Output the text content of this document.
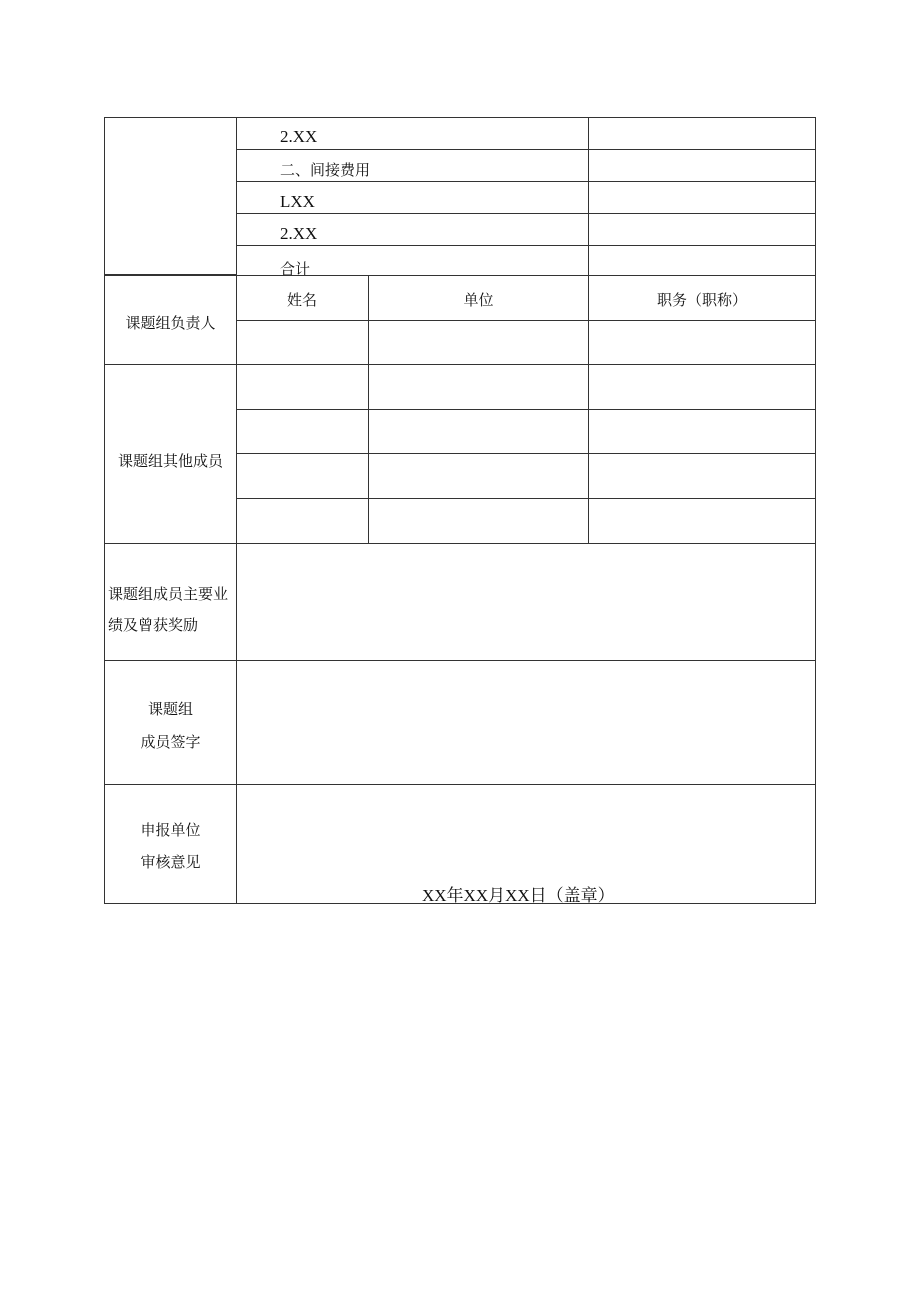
2.XX
二、间接费用
LXX
2.XX
合计
课题组负责人
姓名	单位	职务（职称）
课题组其他成员
课题组成员主要业
绩及曾获奖励
课题组
成员签字
申报单位
审核意见
XX年XX月XX日（盖章）
